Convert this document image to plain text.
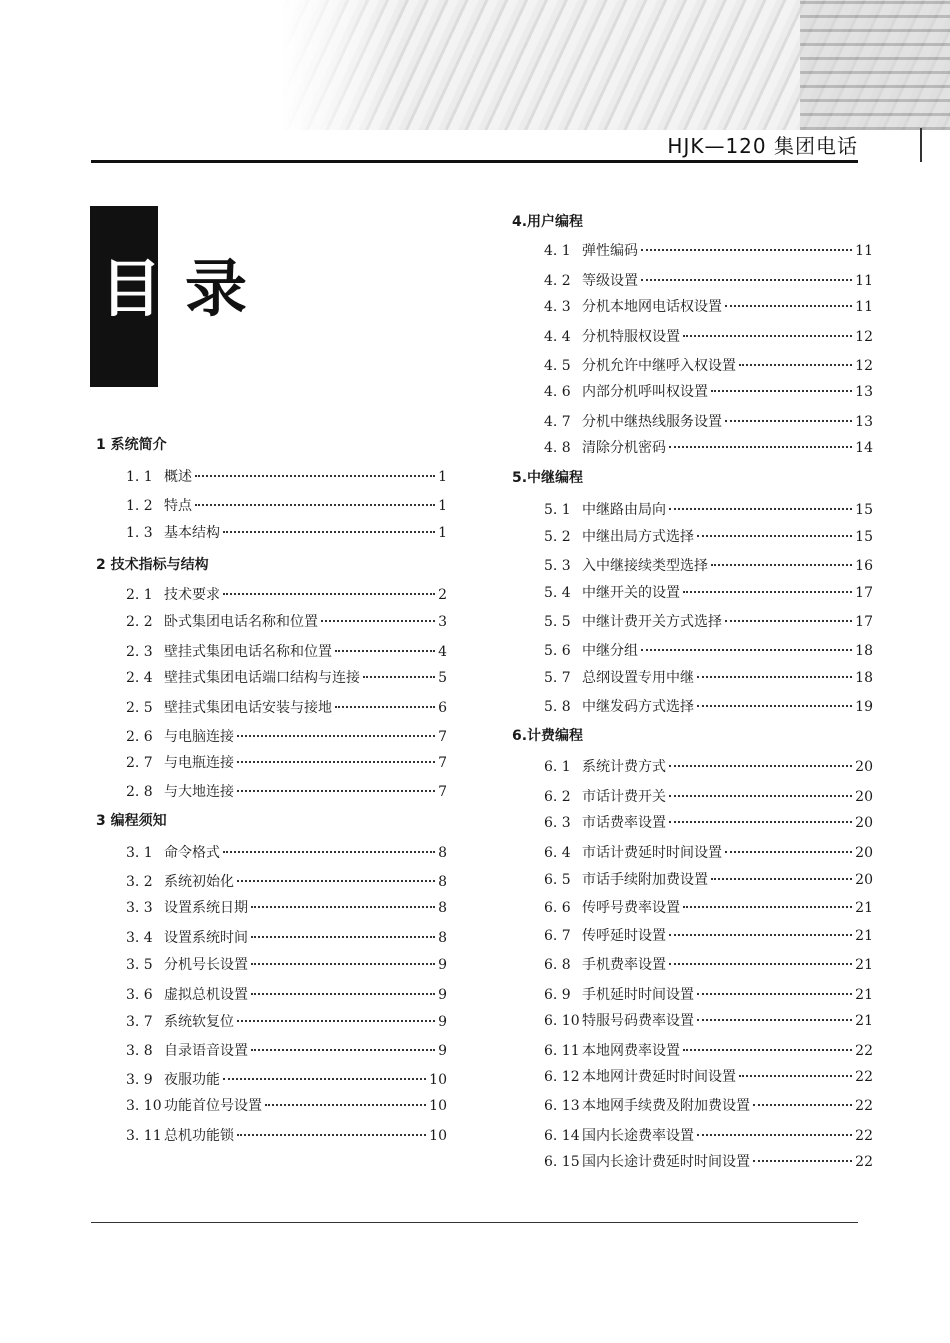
HJK—120 集团电话
目 录
1 系统简介
1. 1 概述	1
1. 2 特点	1
1. 3 基本结构	1
2 技术指标与结构
2. 1 技术要求	2
2. 2 卧式集团电话名称和位置	3
2. 3 壁挂式集团电话名称和位置	4
2. 4 壁挂式集团电话端口结构与连接	5
2. 5 壁挂式集团电话安装与接地	6
2. 6 与电脑连接	7
2. 7 与电瓶连接	7
2. 8 与大地连接	7
3 编程须知
3. 1 命令格式	8
3. 2 系统初始化	8
3. 3 设置系统日期	8
3. 4 设置系统时间	8
3. 5 分机号长设置	9
3. 6 虚拟总机设置	9
3. 7 系统软复位	9
3. 8 自录语音设置	9
3. 9 夜服功能	10
3. 10 功能首位号设置	10
3. 11 总机功能锁	10
4.用户编程
4. 1 弹性编码	11
4. 2 等级设置	11
4. 3 分机本地网电话权设置	11
4. 4 分机特服权设置	12
4. 5 分机允许中继呼入权设置	12
4. 6 内部分机呼叫权设置	13
4. 7 分机中继热线服务设置	13
4. 8 清除分机密码	14
5.中继编程
5. 1 中继路由局向	15
5. 2 中继出局方式选择	15
5. 3 入中继接续类型选择	16
5. 4 中继开关的设置	17
5. 5 中继计费开关方式选择	17
5. 6 中继分组	18
5. 7 总纲设置专用中继	18
5. 8 中继发码方式选择	19
6.计费编程
6. 1 系统计费方式	20
6. 2 市话计费开关	20
6. 3 市话费率设置	20
6. 4 市话计费延时时间设置	20
6. 5 市话手续附加费设置	20
6. 6 传呼号费率设置	21
6. 7 传呼延时设置	21
6. 8 手机费率设置	21
6. 9 手机延时时间设置	21
6. 10 特服号码费率设置	21
6. 11 本地网费率设置	22
6. 12 本地网计费延时时间设置	22
6. 13 本地网手续费及附加费设置	22
6. 14 国内长途费率设置	22
6. 15 国内长途计费延时时间设置	22
